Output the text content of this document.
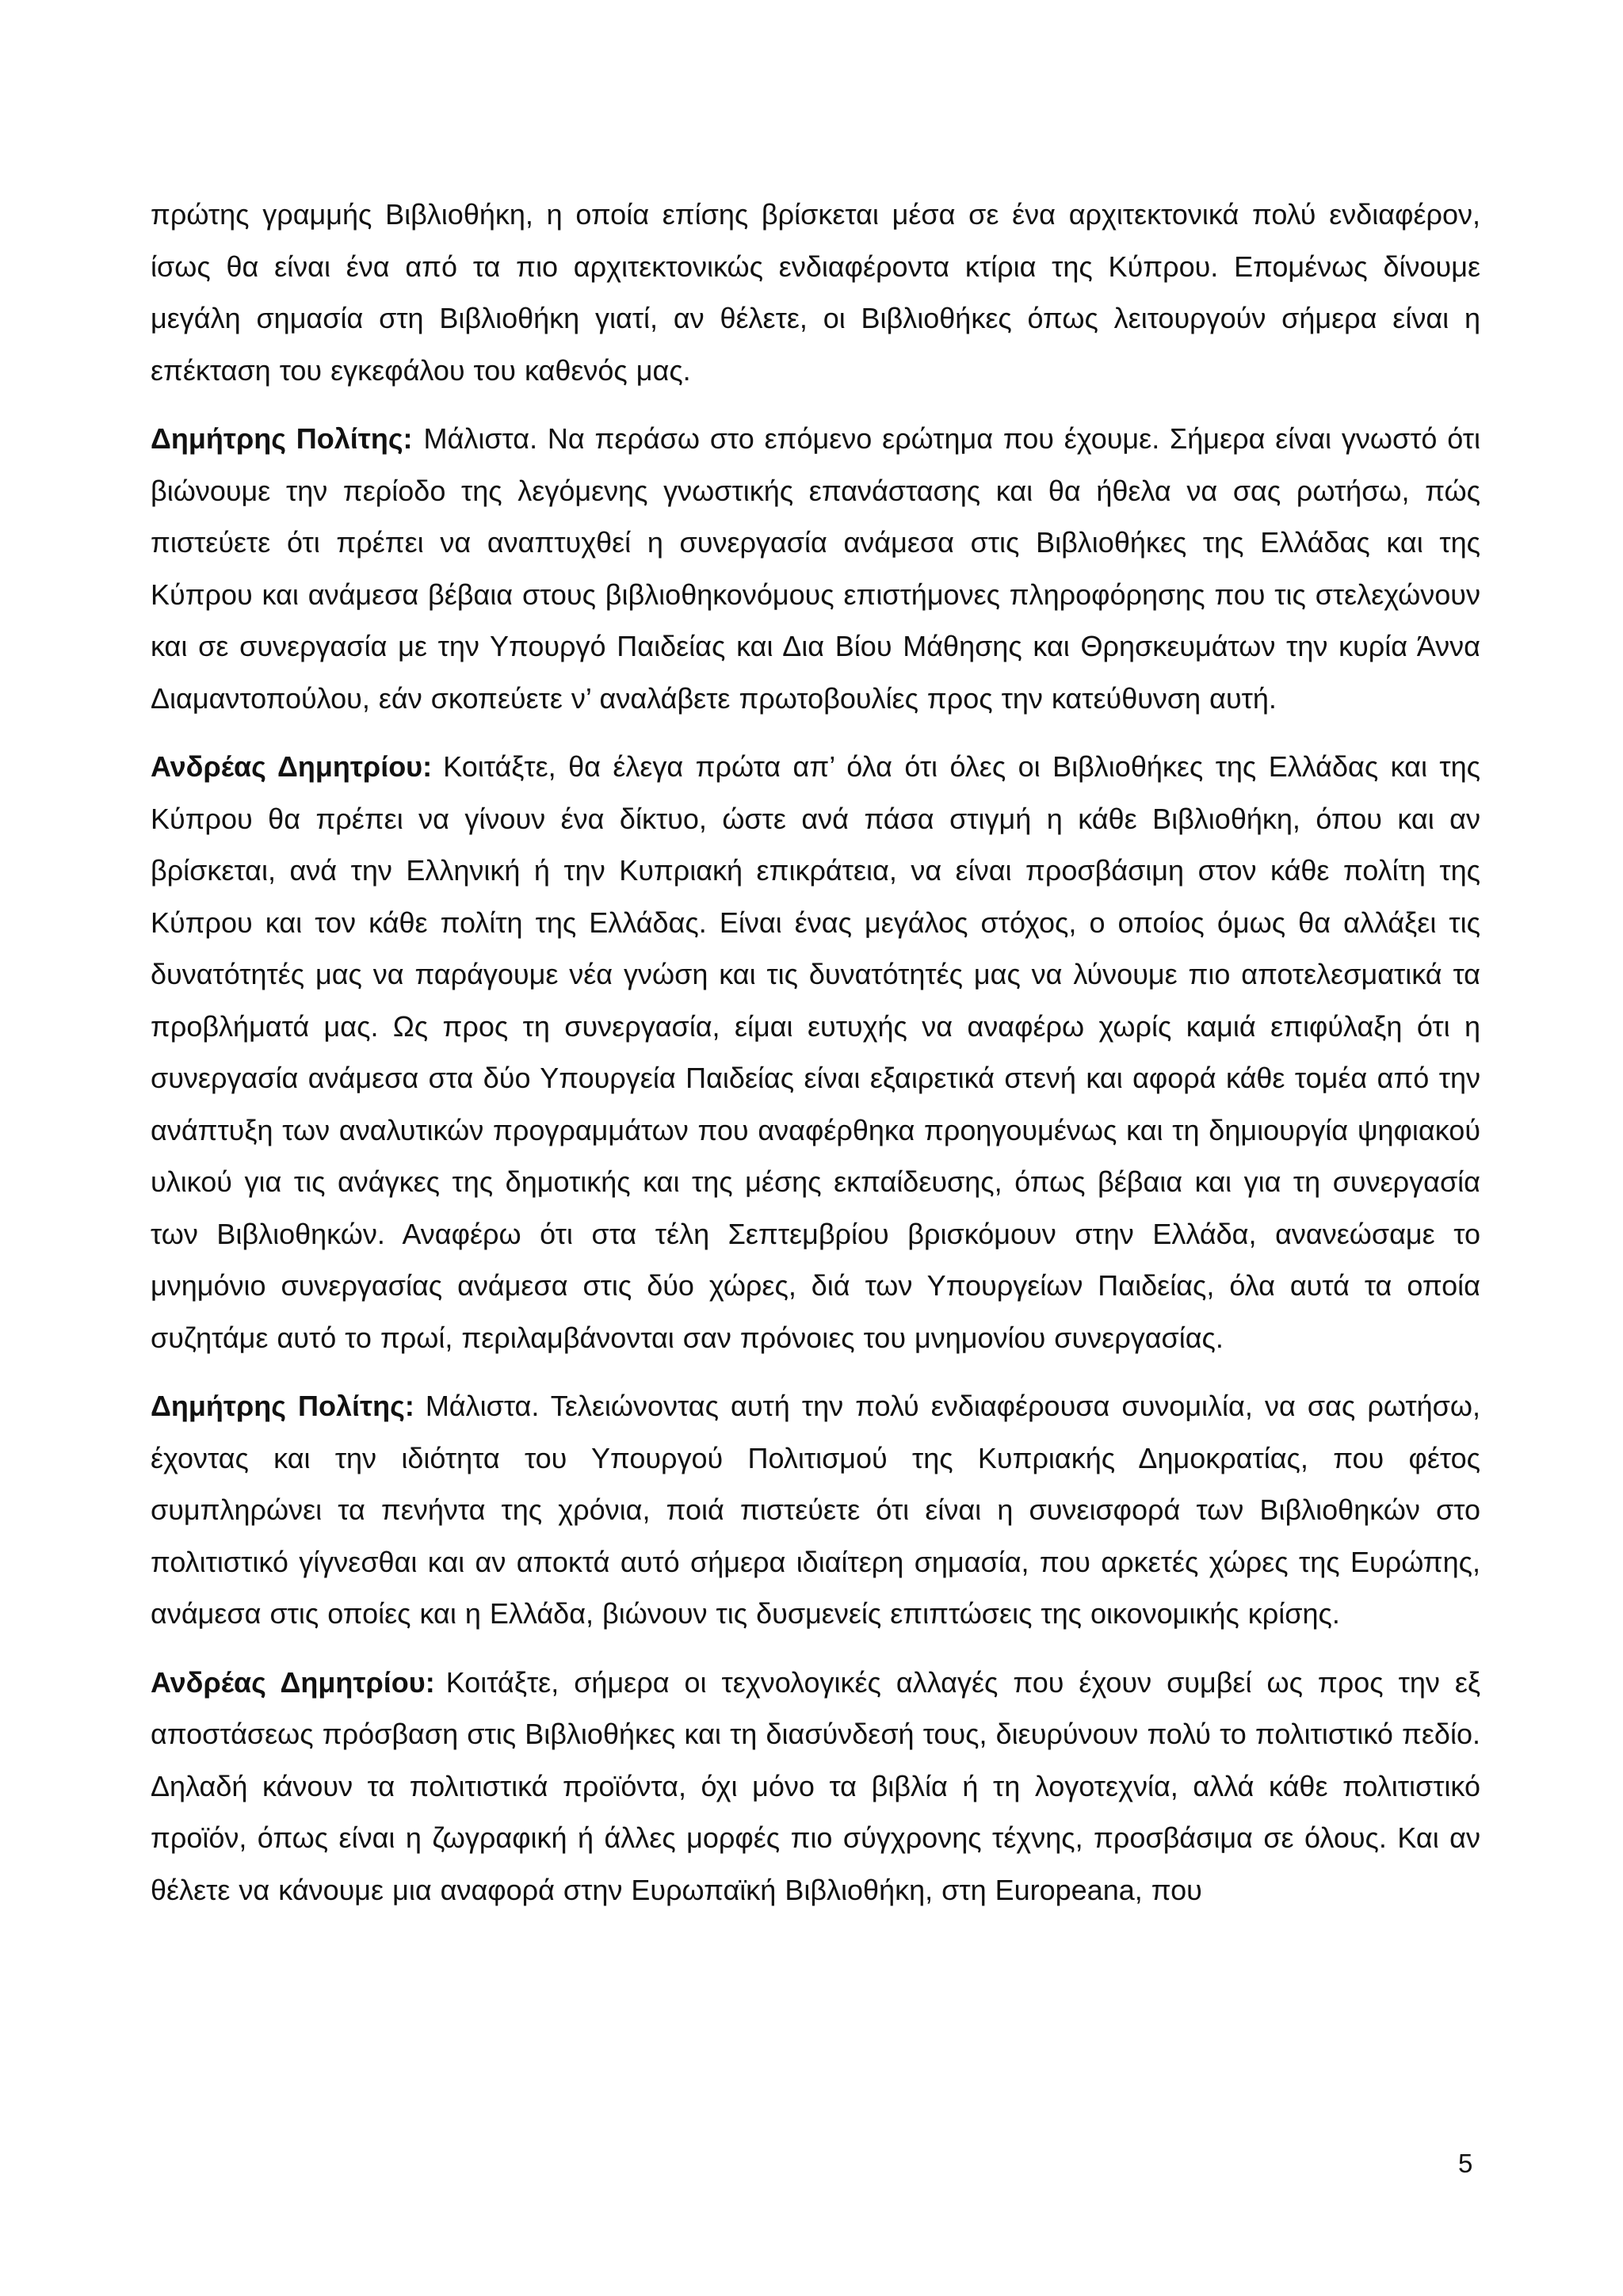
πρώτης γραμμής Βιβλιοθήκη, η οποία επίσης βρίσκεται μέσα σε ένα αρχιτεκτονικά πολύ ενδιαφέρον, ίσως θα είναι ένα από τα πιο αρχιτεκτονικώς ενδιαφέροντα κτίρια της Κύπρου. Επομένως δίνουμε μεγάλη σημασία στη Βιβλιοθήκη γιατί, αν θέλετε, οι Βιβλιοθήκες όπως λειτουργούν σήμερα είναι η επέκταση του εγκεφάλου του καθενός μας.

Δημήτρης Πολίτης: Μάλιστα. Να περάσω στο επόμενο ερώτημα που έχουμε. Σήμερα είναι γνωστό ότι βιώνουμε την περίοδο της λεγόμενης γνωστικής επανάστασης και θα ήθελα να σας ρωτήσω, πώς πιστεύετε ότι πρέπει να αναπτυχθεί η συνεργασία ανάμεσα στις Βιβλιοθήκες της Ελλάδας και της Κύπρου και ανάμεσα βέβαια στους βιβλιοθηκονόμους επιστήμονες πληροφόρησης που τις στελεχώνουν και σε συνεργασία με την Υπουργό Παιδείας και Δια Βίου Μάθησης και Θρησκευμάτων την κυρία Άννα Διαμαντοπούλου, εάν σκοπεύετε ν’ αναλάβετε πρωτοβουλίες προς την κατεύθυνση αυτή.

Ανδρέας Δημητρίου: Κοιτάξτε, θα έλεγα πρώτα απ’ όλα ότι όλες οι Βιβλιοθήκες της Ελλάδας και της Κύπρου θα πρέπει να γίνουν ένα δίκτυο, ώστε ανά πάσα στιγμή η κάθε Βιβλιοθήκη, όπου και αν βρίσκεται, ανά την Ελληνική ή την Κυπριακή επικράτεια, να είναι προσβάσιμη στον κάθε πολίτη της Κύπρου και τον κάθε πολίτη της Ελλάδας. Είναι ένας μεγάλος στόχος, ο οποίος όμως θα αλλάξει τις δυνατότητές μας να παράγουμε νέα γνώση και τις δυνατότητές μας να λύνουμε πιο αποτελεσματικά τα προβλήματά μας. Ως προς τη συνεργασία, είμαι ευτυχής να αναφέρω χωρίς καμιά επιφύλαξη ότι η συνεργασία ανάμεσα στα δύο Υπουργεία Παιδείας είναι εξαιρετικά στενή και αφορά κάθε τομέα από την ανάπτυξη των αναλυτικών προγραμμάτων που αναφέρθηκα προηγουμένως και τη δημιουργία ψηφιακού υλικού για τις ανάγκες της δημοτικής και της μέσης εκπαίδευσης, όπως βέβαια και για τη συνεργασία των Βιβλιοθηκών. Αναφέρω ότι στα τέλη Σεπτεμβρίου βρισκόμουν στην Ελλάδα, ανανεώσαμε το μνημόνιο συνεργασίας ανάμεσα στις δύο χώρες, διά των Υπουργείων Παιδείας, όλα αυτά τα οποία συζητάμε αυτό το πρωί, περιλαμβάνονται σαν πρόνοιες του μνημονίου συνεργασίας.

Δημήτρης Πολίτης: Μάλιστα. Τελειώνοντας αυτή την πολύ ενδιαφέρουσα συνομιλία, να σας ρωτήσω, έχοντας και την ιδιότητα του Υπουργού Πολιτισμού της Κυπριακής Δημοκρατίας, που φέτος συμπληρώνει τα πενήντα της χρόνια, ποιά πιστεύετε ότι είναι η συνεισφορά των Βιβλιοθηκών στο πολιτιστικό γίγνεσθαι και αν αποκτά αυτό σήμερα ιδιαίτερη σημασία, που αρκετές χώρες της Ευρώπης, ανάμεσα στις οποίες και η Ελλάδα, βιώνουν τις δυσμενείς επιπτώσεις της οικονομικής κρίσης.

Ανδρέας Δημητρίου: Κοιτάξτε, σήμερα οι τεχνολογικές αλλαγές που έχουν συμβεί ως προς την εξ αποστάσεως πρόσβαση στις Βιβλιοθήκες και τη διασύνδεσή τους, διευρύνουν πολύ το πολιτιστικό πεδίο. Δηλαδή κάνουν τα πολιτιστικά προϊόντα, όχι μόνο τα βιβλία ή τη λογοτεχνία, αλλά κάθε πολιτιστικό προϊόν, όπως είναι η ζωγραφική ή άλλες μορφές πιο σύγχρονης τέχνης, προσβάσιμα σε όλους. Και αν θέλετε να κάνουμε μια αναφορά στην Ευρωπαϊκή Βιβλιοθήκη, στη Europeana, που

5
